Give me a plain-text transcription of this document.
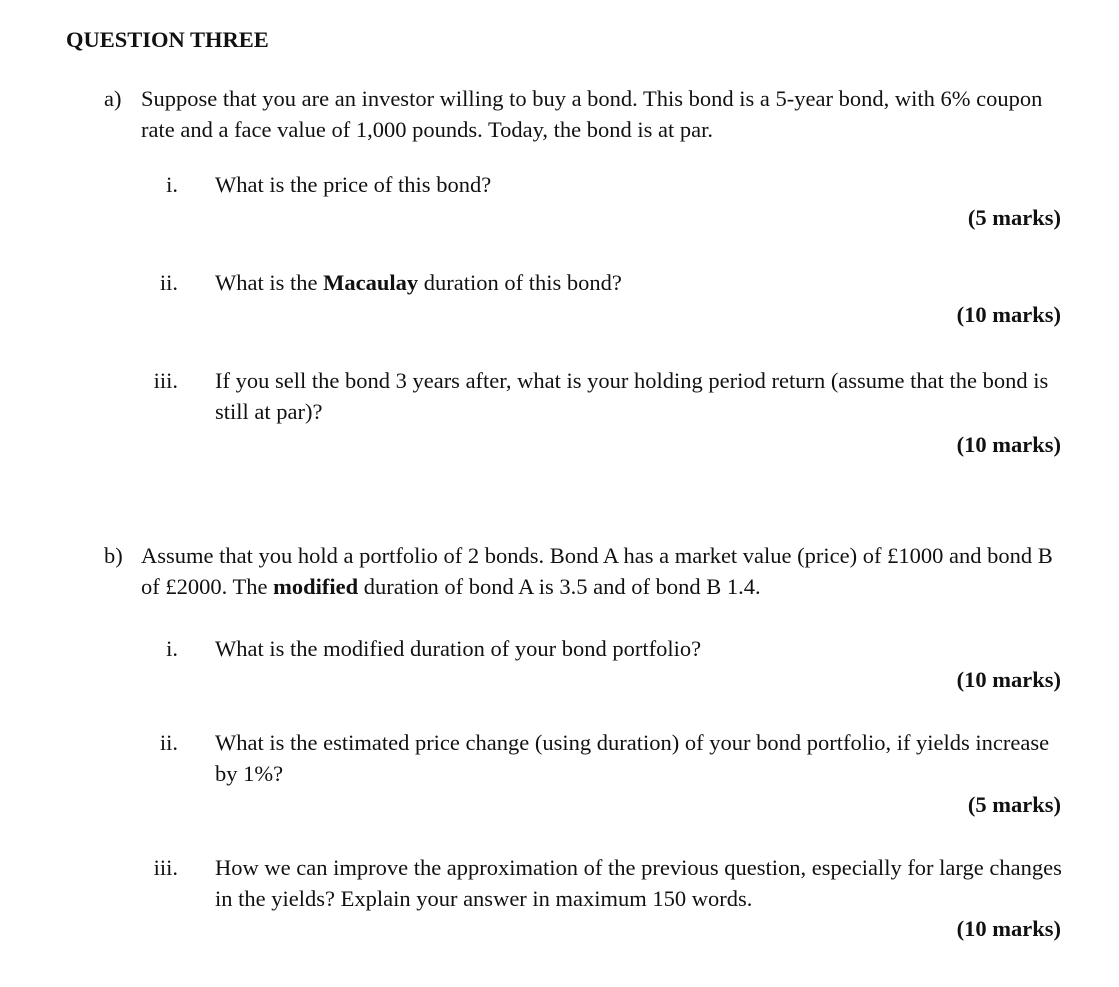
QUESTION THREE
a) Suppose that you are an investor willing to buy a bond. This bond is a 5-year bond, with 6% coupon rate and a face value of 1,000 pounds. Today, the bond is at par.
i. What is the price of this bond?
(5 marks)
ii. What is the Macaulay duration of this bond?
(10 marks)
iii. If you sell the bond 3 years after, what is your holding period return (assume that the bond is still at par)?
(10 marks)
b) Assume that you hold a portfolio of 2 bonds. Bond A has a market value (price) of £1000 and bond B of £2000. The modified duration of bond A is 3.5 and of bond B 1.4.
i. What is the modified duration of your bond portfolio?
(10 marks)
ii. What is the estimated price change (using duration) of your bond portfolio, if yields increase by 1%?
(5 marks)
iii. How we can improve the approximation of the previous question, especially for large changes in the yields? Explain your answer in maximum 150 words.
(10 marks)
